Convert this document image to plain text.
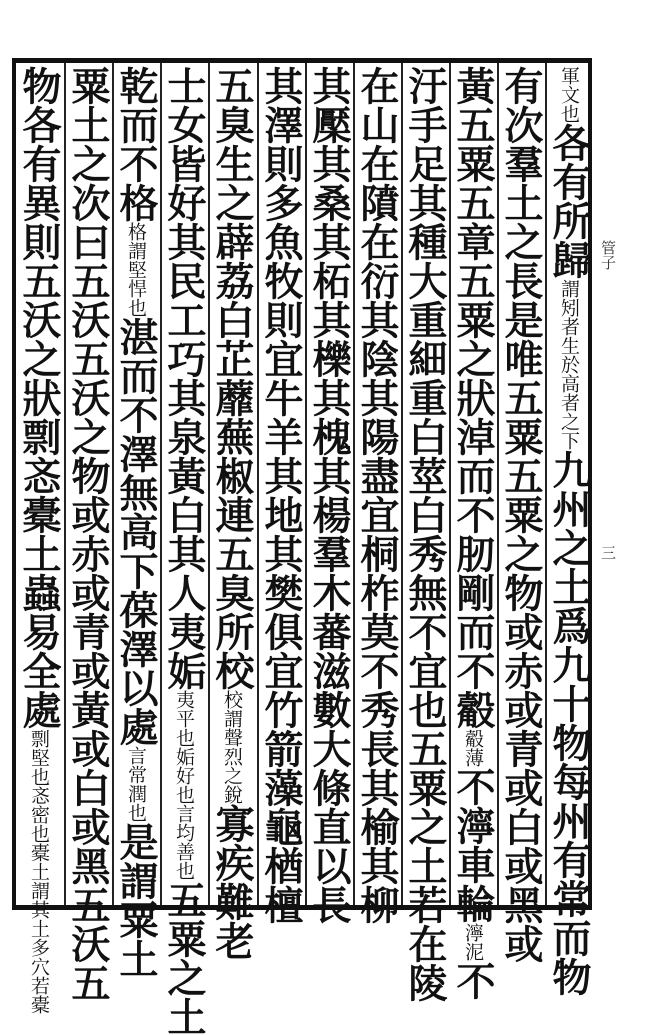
軍文也各有所歸謂矧者生於高者之下九州之土爲九十物每州有常而物
有次羣土之長是唯五粟五粟之物或赤或青或白或黑或
黃五粟五章五粟之狀淖而不肕剛而不觳觳薄不濘車輪濘泥不
汙手足其種大重細重白莖白秀無不宜也五粟之土若在陵
在山在隫在衍其陰其陽盡宜桐柞莫不秀長其榆其柳
其檿其桑其柘其櫟其槐其楊羣木蕃滋數大條直以長
其澤則多魚牧則宜牛羊其地其樊俱宜竹箭藻龜楢檀
五臭生之薜荔白芷蘼蕪椒連五臭所校校謂聲烈之銳寡疾難老
士女皆好其民工巧其泉黃白其人夷姤夷平也姤好也言均善也五粟之土
乾而不格格謂堅悍也湛而不澤無高下葆澤以處言常潤也是謂粟土
粟土之次曰五沃五沃之物或赤或青或黃或白或黑五沃五
物各有異則五沃之狀剽忞橐土蟲易全處剽堅也忞密也橐土謂其土多穴若橐
管子
三
